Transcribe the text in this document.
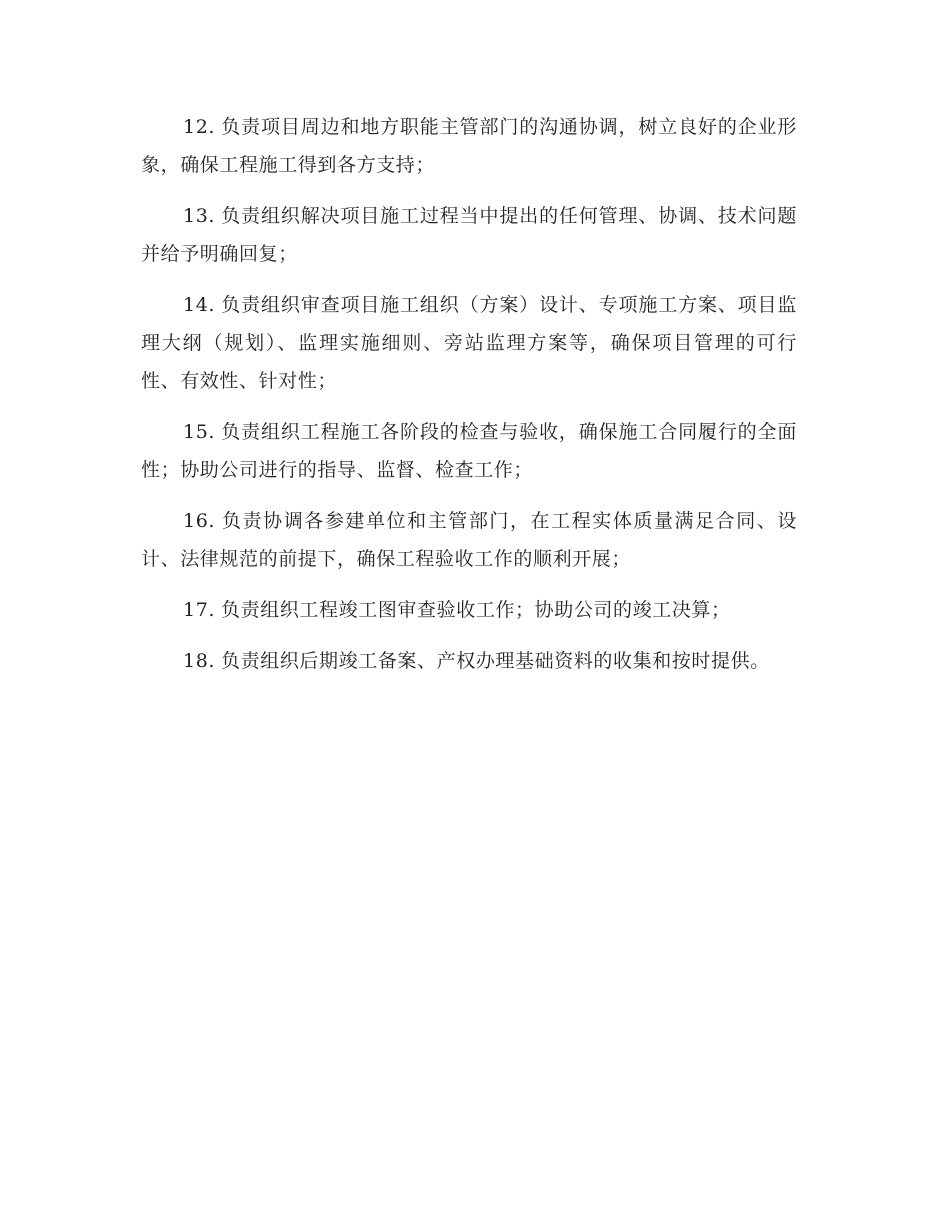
12. 负责项目周边和地方职能主管部门的沟通协调，树立良好的企业形象，确保工程施工得到各方支持；

13. 负责组织解决项目施工过程当中提出的任何管理、协调、技术问题并给予明确回复；

14. 负责组织审查项目施工组织（方案）设计、专项施工方案、项目监理大纲（规划）、监理实施细则、旁站监理方案等，确保项目管理的可行性、有效性、针对性；

15. 负责组织工程施工各阶段的检查与验收，确保施工合同履行的全面性；协助公司进行的指导、监督、检查工作；

16. 负责协调各参建单位和主管部门，在工程实体质量满足合同、设计、法律规范的前提下，确保工程验收工作的顺利开展；

17. 负责组织工程竣工图审查验收工作；协助公司的竣工决算；

18. 负责组织后期竣工备案、产权办理基础资料的收集和按时提供。
